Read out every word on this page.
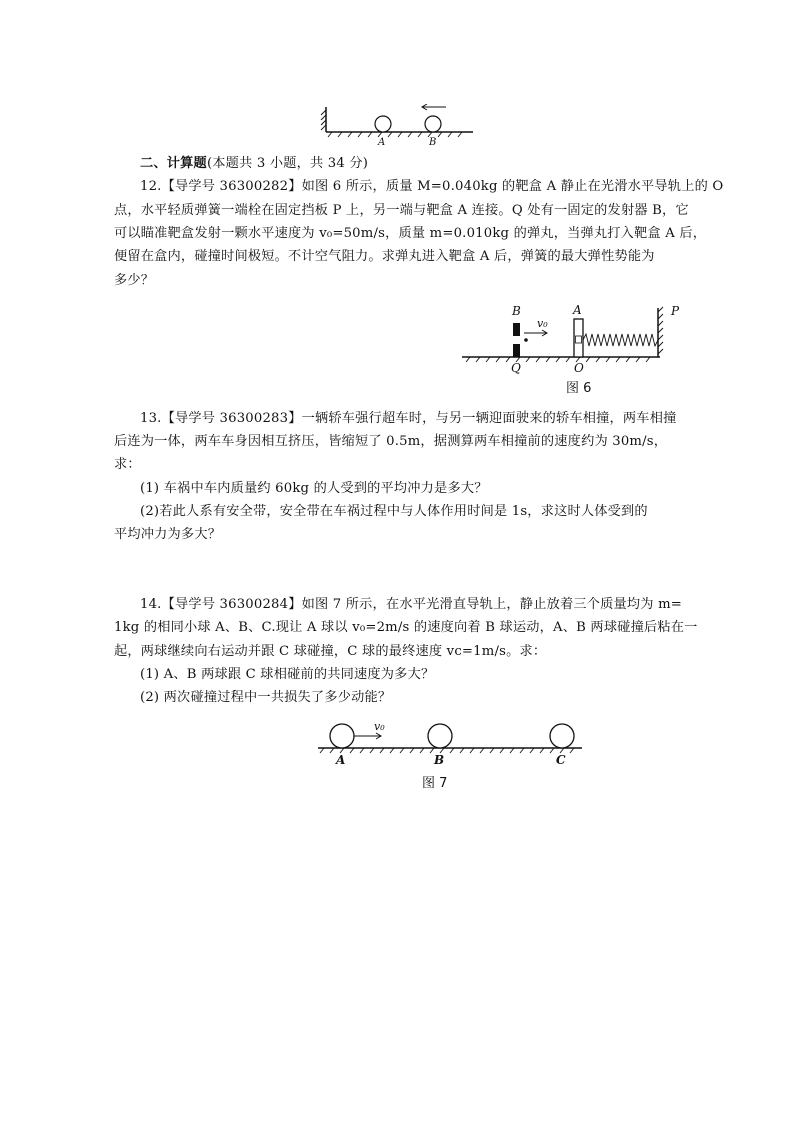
A	B
二、计算题(本题共 3 小题，共 34 分)
12.【导学号 36300282】如图 6 所示，质量 M=0.040kg 的靶盒 A 静止在光滑水平导轨上的 O
点，水平轻质弹簧一端栓在固定挡板 P 上，另一端与靶盒 A 连接。Q 处有一固定的发射器 B，它
可以瞄准靶盒发射一颗水平速度为 v₀=50m/s，质量 m=0.010kg 的弹丸，当弹丸打入靶盒 A 后，
便留在盒内，碰撞时间极短。不计空气阻力。求弹丸进入靶盒 A 后，弹簧的最大弹性势能为
多少？
B
v₀
A	P
Q	O
图 6
13.【导学号 36300283】一辆轿车强行超车时，与另一辆迎面驶来的轿车相撞，两车相撞
后连为一体，两车车身因相互挤压，皆缩短了 0.5m，据测算两车相撞前的速度约为 30m/s，
求：
(1) 车祸中车内质量约 60kg 的人受到的平均冲力是多大？
(2)若此人系有安全带，安全带在车祸过程中与人体作用时间是 1s，求这时人体受到的
平均冲力为多大？
14.【导学号 36300284】如图 7 所示，在水平光滑直导轨上，静止放着三个质量均为 m=
1kg 的相同小球 A、B、C.现让 A 球以 v₀=2m/s 的速度向着 B 球运动，A、B 两球碰撞后粘在一
起，两球继续向右运动并跟 C 球碰撞，C 球的最终速度 vc=1m/s。求：
(1) A、B 两球跟 C 球相碰前的共同速度为多大？
(2) 两次碰撞过程中一共损失了多少动能？
v₀
A	B	C
图 7
